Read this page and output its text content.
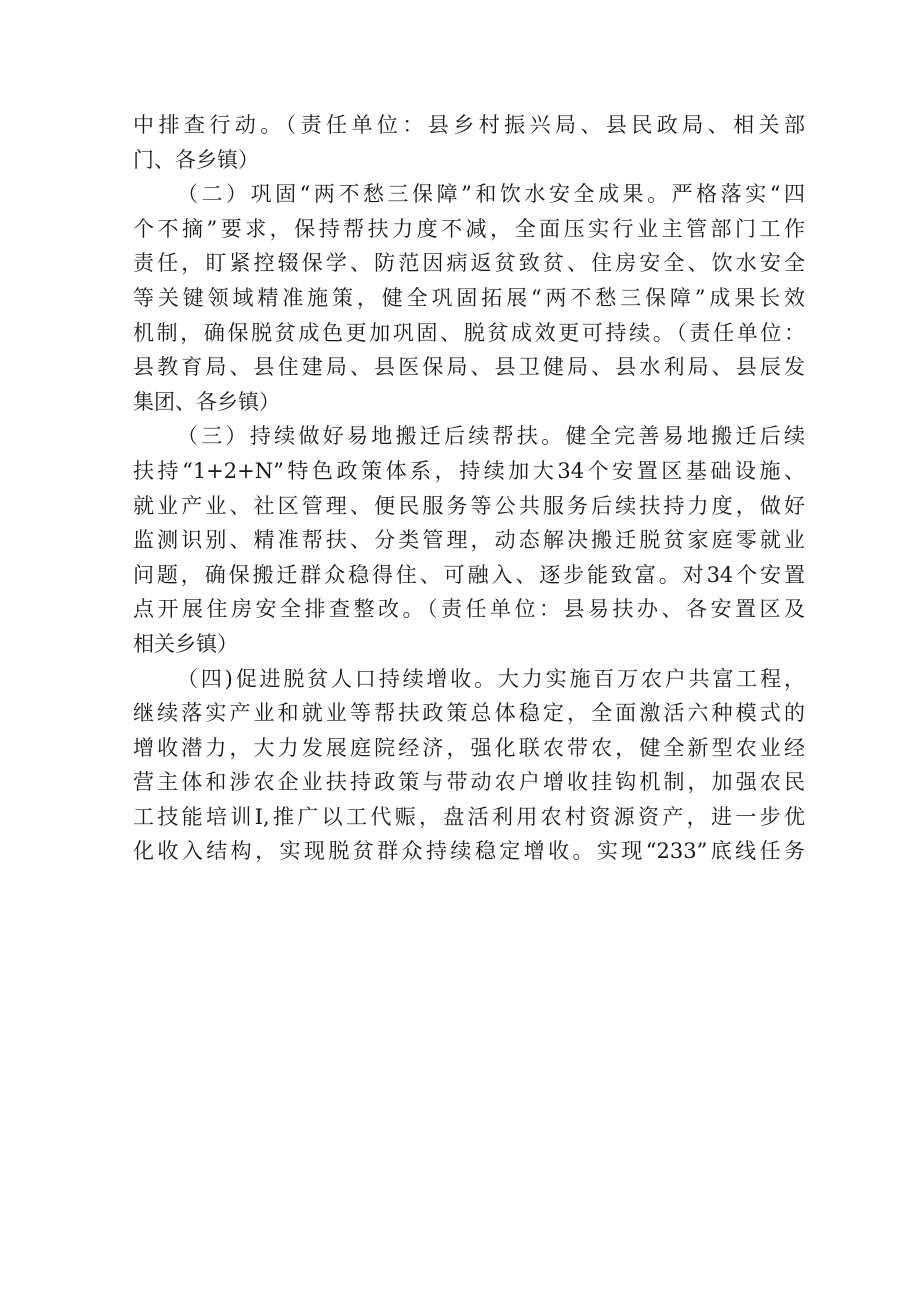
中排查行动。（责任单位：县乡村振兴局、县民政局、相关部
门、各乡镇）
（二）巩固“两不愁三保障”和饮水安全成果。严格落实“四
个不摘”要求，保持帮扶力度不减，全面压实行业主管部门工作
责任，盯紧控辍保学、防范因病返贫致贫、住房安全、饮水安全
等关键领域精准施策，健全巩固拓展“两不愁三保障”成果长效
机制，确保脱贫成色更加巩固、脱贫成效更可持续。（责任单位：
县教育局、县住建局、县医保局、县卫健局、县水利局、县辰发
集团、各乡镇）
（三）持续做好易地搬迁后续帮扶。健全完善易地搬迁后续
扶持“1+2+N”特色政策体系，持续加大34个安置区基础设施、
就业产业、社区管理、便民服务等公共服务后续扶持力度，做好
监测识别、精准帮扶、分类管理，动态解决搬迁脱贫家庭零就业
问题，确保搬迁群众稳得住、可融入、逐步能致富。对34个安置
点开展住房安全排查整改。（责任单位：县易扶办、各安置区及
相关乡镇）
（四)促进脱贫人口持续增收。大力实施百万农户共富工程，
继续落实产业和就业等帮扶政策总体稳定，全面激活六种模式的
增收潜力，大力发展庭院经济，强化联农带农，健全新型农业经
营主体和涉农企业扶持政策与带动农户增收挂钩机制，加强农民
工技能培训I,推广以工代赈，盘活利用农村资源资产，进一步优
化收入结构，实现脱贫群众持续稳定增收。实现“233”底线任务
